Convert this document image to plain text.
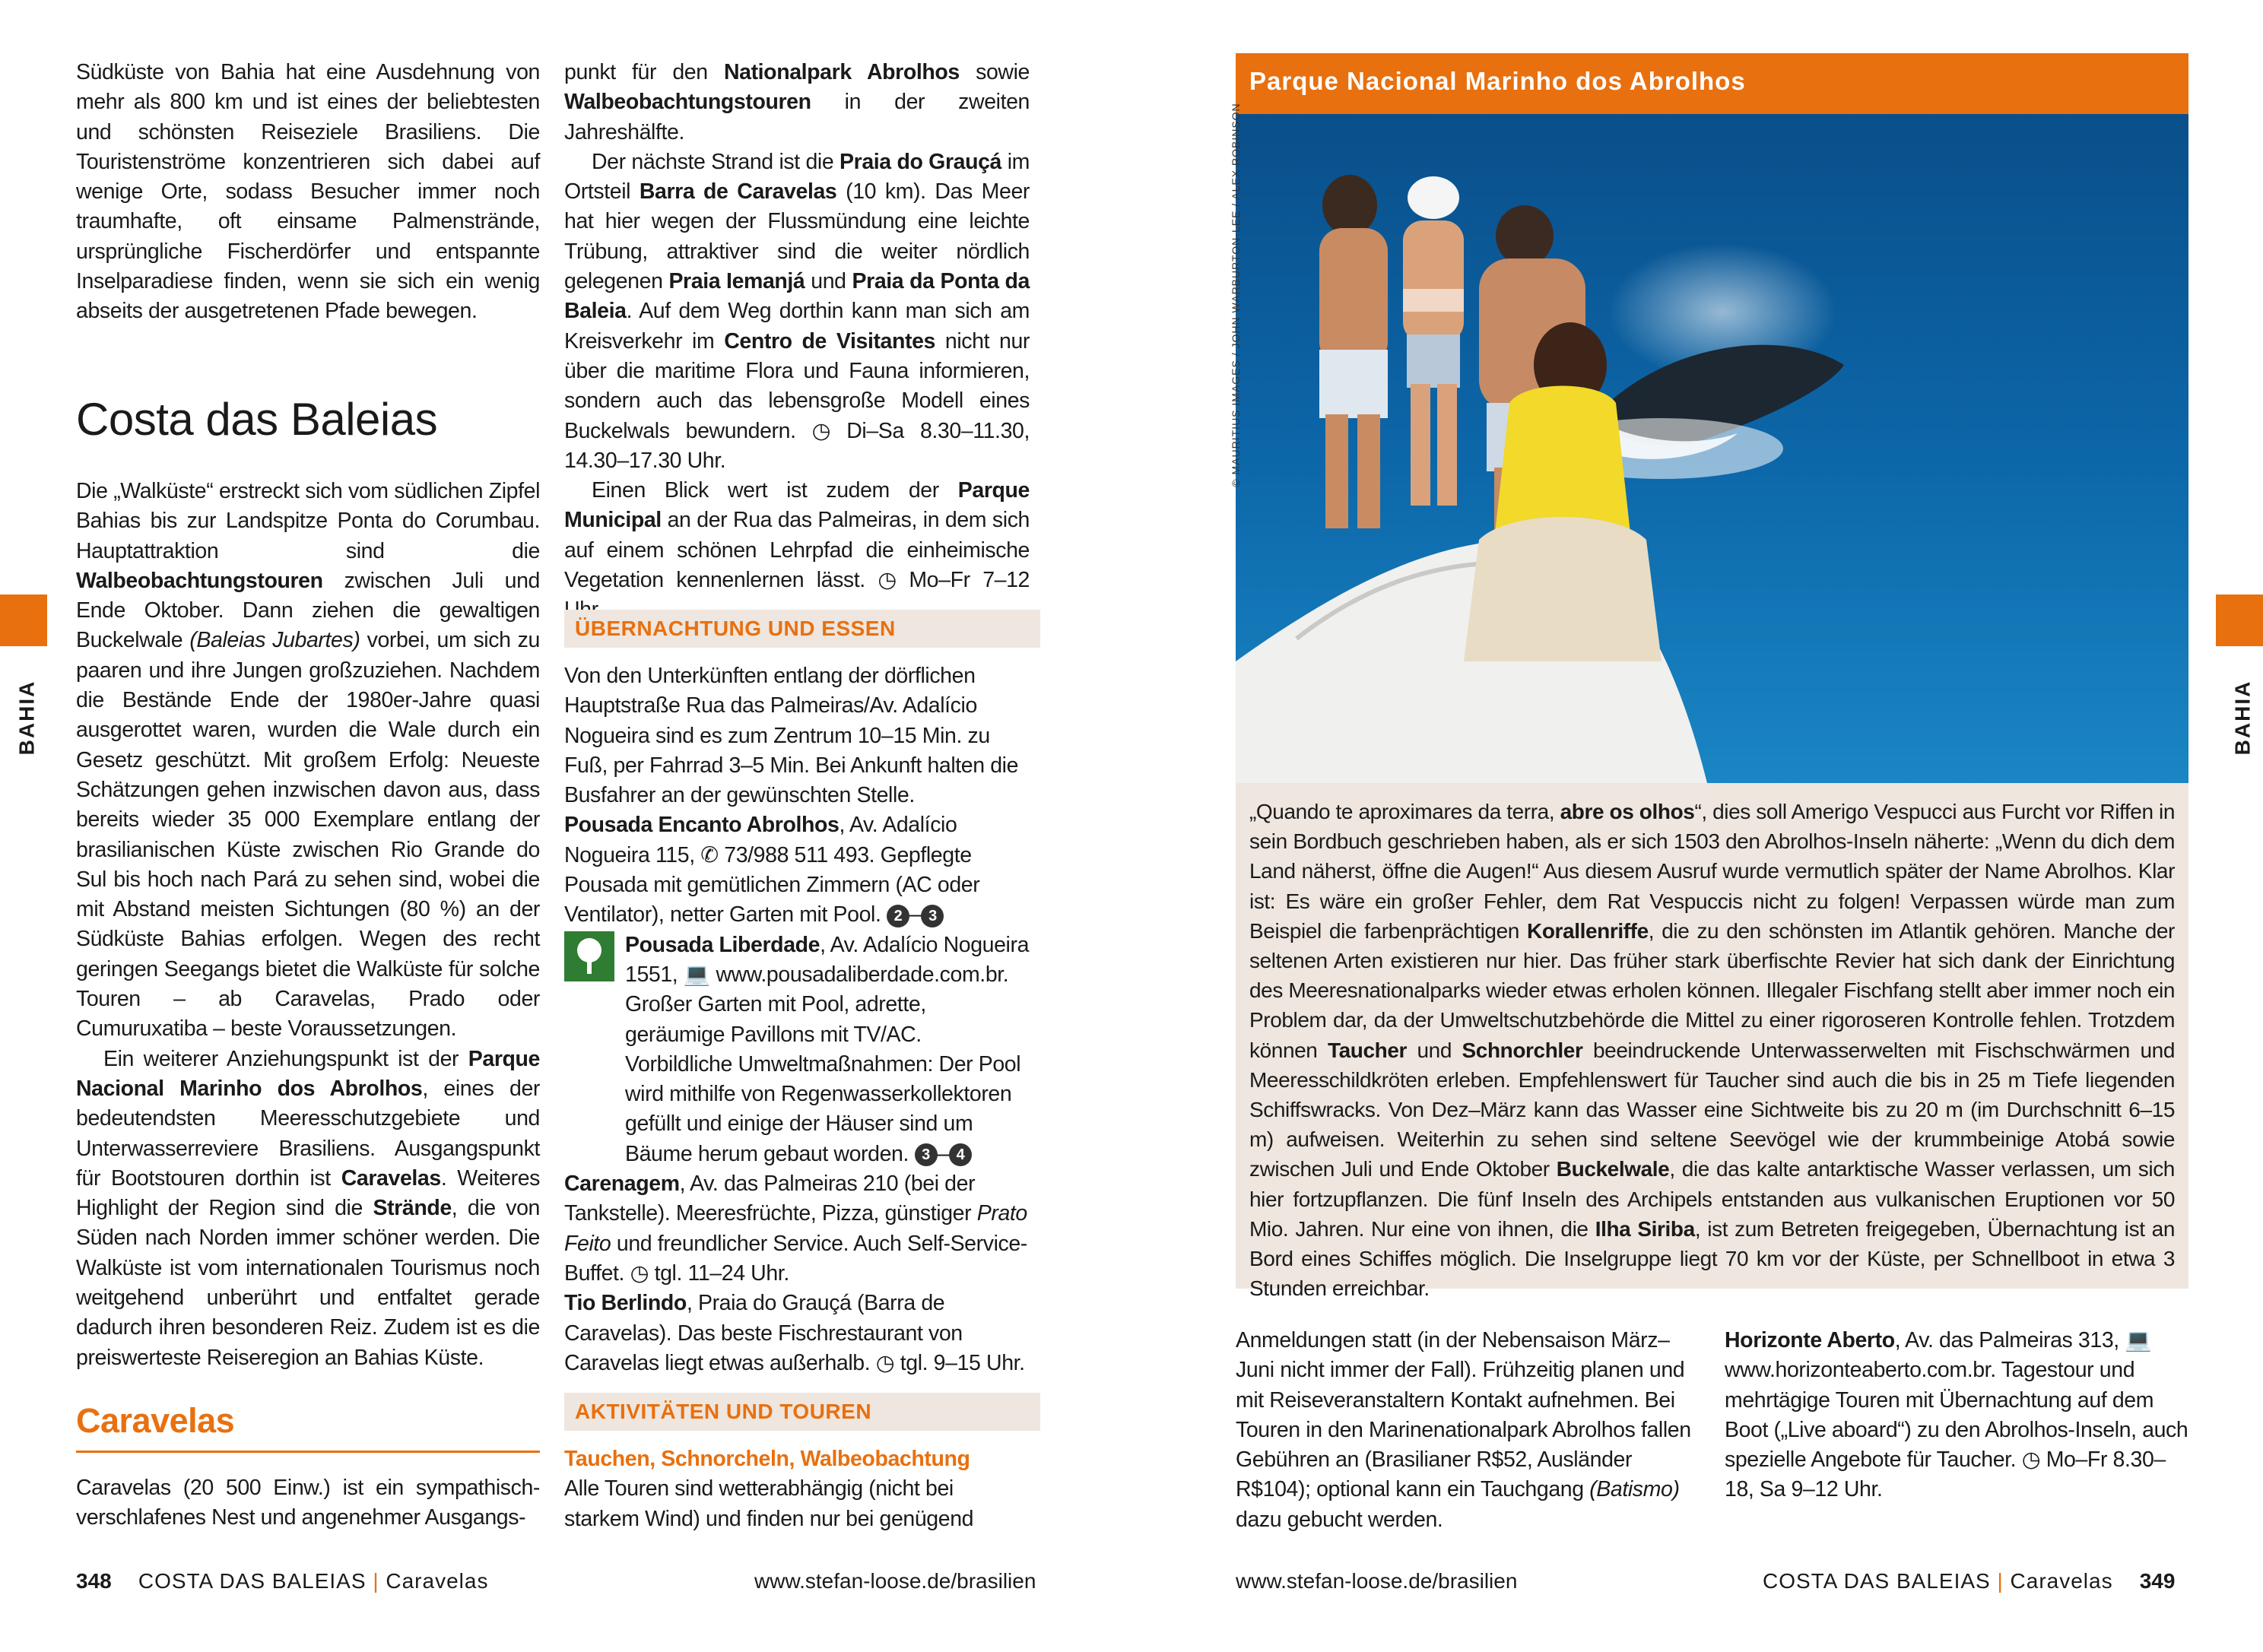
Südküste von Bahia hat eine Ausdehnung von mehr als 800 km und ist eines der beliebtesten und schönsten Reiseziele Brasiliens. Die Touristenströme konzentrieren sich dabei auf wenige Orte, sodass Besucher immer noch traumhafte, oft einsame Palmenstrände, ursprüngliche Fischerdörfer und entspannte Inselparadiese finden, wenn sie sich ein wenig abseits der ausgetretenen Pfade bewegen.

Costa das Baleias

Die „Walküste“ erstreckt sich vom südlichen Zipfel Bahias bis zur Landspitze Ponta do Corumbau. Hauptattraktion sind die Walbeobachtungstouren zwischen Juli und Ende Oktober. Dann ziehen die gewaltigen Buckelwale (Baleias Jubartes) vorbei, um sich zu paaren und ihre Jungen großzuziehen. Nachdem die Bestände Ende der 1980er-Jahre quasi ausgerottet waren, wurden die Wale durch ein Gesetz geschützt. Mit großem Erfolg: Neueste Schätzungen gehen inzwischen davon aus, dass bereits wieder 35 000 Exemplare entlang der brasilianischen Küste zwischen Rio Grande do Sul bis hoch nach Pará zu sehen sind, wobei die mit Abstand meisten Sichtungen (80 %) an der Südküste Bahias erfolgen. Wegen des recht geringen Seegangs bietet die Walküste für solche Touren – ab Caravelas, Prado oder Cumuruxatiba – beste Voraussetzungen.

Ein weiterer Anziehungspunkt ist der Parque Nacional Marinho dos Abrolhos, eines der bedeutendsten Meeresschutzgebiete und Unterwasserreviere Brasiliens. Ausgangspunkt für Bootstouren dorthin ist Caravelas. Weiteres Highlight der Region sind die Strände, die von Süden nach Norden immer schöner werden. Die Walküste ist vom internationalen Tourismus noch weitgehend unberührt und entfaltet gerade dadurch ihren besonderen Reiz. Zudem ist es die preiswerteste Reiseregion an Bahias Küste.

Caravelas

Caravelas (20 500 Einw.) ist ein sympathisch-verschlafenes Nest und angenehmer Ausgangs-

punkt für den Nationalpark Abrolhos sowie Walbeobachtungstouren in der zweiten Jahreshälfte.

Der nächste Strand ist die Praia do Grauçá im Ortsteil Barra de Caravelas (10 km). Das Meer hat hier wegen der Flussmündung eine leichte Trübung, attraktiver sind die weiter nördlich gelegenen Praia Iemanjá und Praia da Ponta da Baleia. Auf dem Weg dorthin kann man sich am Kreisverkehr im Centro de Visitantes nicht nur über die maritime Flora und Fauna informieren, sondern auch das lebensgroße Modell eines Buckelwals bewundern. ◷ Di–Sa 8.30–11.30, 14.30–17.30 Uhr.

Einen Blick wert ist zudem der Parque Municipal an der Rua das Palmeiras, in dem sich auf einem schönen Lehrpfad die einheimische Vegetation kennenlernen lässt. ◷ Mo–Fr 7–12

ÜBERNACHTUNG UND ESSEN

Von den Unterkünften entlang der dörflichen Hauptstraße Rua das Palmeiras/Av. Adalício Nogueira sind es zum Zentrum 10–15 Min. zu Fuß, per Fahrrad 3–5 Min. Bei Ankunft halten die Busfahrer an der gewünschten Stelle.

Pousada Encanto Abrolhos, Av. Adalício Nogueira 115, ✆ 73/988 511 493. Gepflegte Pousada mit gemütlichen Zimmern (AC oder Ventilator), netter Garten mit Pool. 2 – 3

Pousada Liberdade, Av. Adalício Nogueira 1551, 💻 www.pousadaliberdade.com.br. Großer Garten mit Pool, adrette, geräumige Pavillons mit TV/AC. Vorbildliche Umweltmaßnahmen: Der Pool wird mithilfe von Regenwasserkollektoren gefüllt und einige der Häuser sind um Bäume herum gebaut worden. 3 – 4

Carenagem, Av. das Palmeiras 210 (bei der Tankstelle). Meeresfrüchte, Pizza, günstiger Prato Feito und freundlicher Service. Auch Self-Service-Buffet. ◷ tgl. 11–24 Uhr.

Tio Berlindo, Praia do Grauçá (Barra de Caravelas). Das beste Fischrestaurant von Caravelas liegt etwas außerhalb. ◷ tgl. 9–15 Uhr.

AKTIVITÄTEN UND TOUREN

Tauchen, Schnorcheln, Walbeobachtung

Alle Touren sind wetterabhängig (nicht bei starkem Wind) und finden nur bei genügend

BAHIA
348 COSTA DAS BALEIAS | Caravelas	www.stefan-loose.de/brasilien
Parque Nacional Marinho dos Abrolhos
„Quando te aproximares da terra, abre os olhos“, dies soll Amerigo Vespucci aus Furcht vor Riffen in sein Bordbuch geschrieben haben, als er sich 1503 den Abrolhos-Inseln näherte: „Wenn du dich dem Land näherst, öffne die Augen!“ Aus diesem Ausruf wurde vermutlich später der Name Abrolhos. Klar ist: Es wäre ein großer Fehler, dem Rat Vespuccis nicht zu folgen! Verpassen würde man zum Beispiel die farbenprächtigen Korallenriffe, die zu den schönsten im Atlantik gehören. Manche der seltenen Arten existieren nur hier. Das früher stark überfischte Revier hat sich dank der Einrichtung des Meeresnationalparks wieder etwas erholen können. Illegaler Fischfang stellt aber immer noch ein Problem dar, da der Umweltschutzbehörde die Mittel zu einer rigoroseren Kontrolle fehlen. Trotzdem können Taucher und Schnorchler beeindruckende Unterwasserwelten mit Fischschwärmen und Meeresschildkröten erleben. Empfehlenswert für Taucher sind auch die bis in 25 m Tiefe liegenden Schiffswracks. Von Dez–März kann das Wasser eine Sichtweite bis zu 20 m (im Durchschnitt 6–15 m) aufweisen. Weiterhin zu sehen sind seltene Seevögel wie der krummbeinige Atobá sowie zwischen Juli und Ende Oktober Buckelwale, die das kalte antarktische Wasser verlassen, um sich hier fortzupflanzen. Die fünf Inseln des Archipels entstanden aus vulkanischen Eruptionen vor 50 Mio. Jahren. Nur eine von ihnen, die Ilha Siriba, ist zum Betreten freigegeben, Übernachtung ist an Bord eines Schiffes möglich. Die Inselgruppe liegt 70 km vor der Küste, per Schnellboot in etwa 3 Stunden erreichbar.
© MAURITIUS IMAGES / JOHN WARBURTON-LEE / ALEX ROBINSON

Anmeldungen statt (in der Nebensaison März–Juni nicht immer der Fall). Frühzeitig planen und mit Reiseveranstaltern Kontakt aufnehmen. Bei Touren in den Marinenationalpark Abrolhos fallen Gebühren an (Brasilianer R$52, Ausländer R$104); optional kann ein Tauchgang (Batismo) dazu gebucht werden.

Horizonte Aberto, Av. das Palmeiras 313, 💻 www.horizonteaberto.com.br. Tagestour und mehrtägige Touren mit Übernachtung auf dem Boot („Live aboard“) zu den Abrolhos-Inseln, auch spezielle Angebote für Taucher. ◷ Mo–Fr 8.30–18, Sa 9–12 Uhr.

BAHIA
www.stefan-loose.de/brasilien	COSTA DAS BALEIAS | Caravelas 349
